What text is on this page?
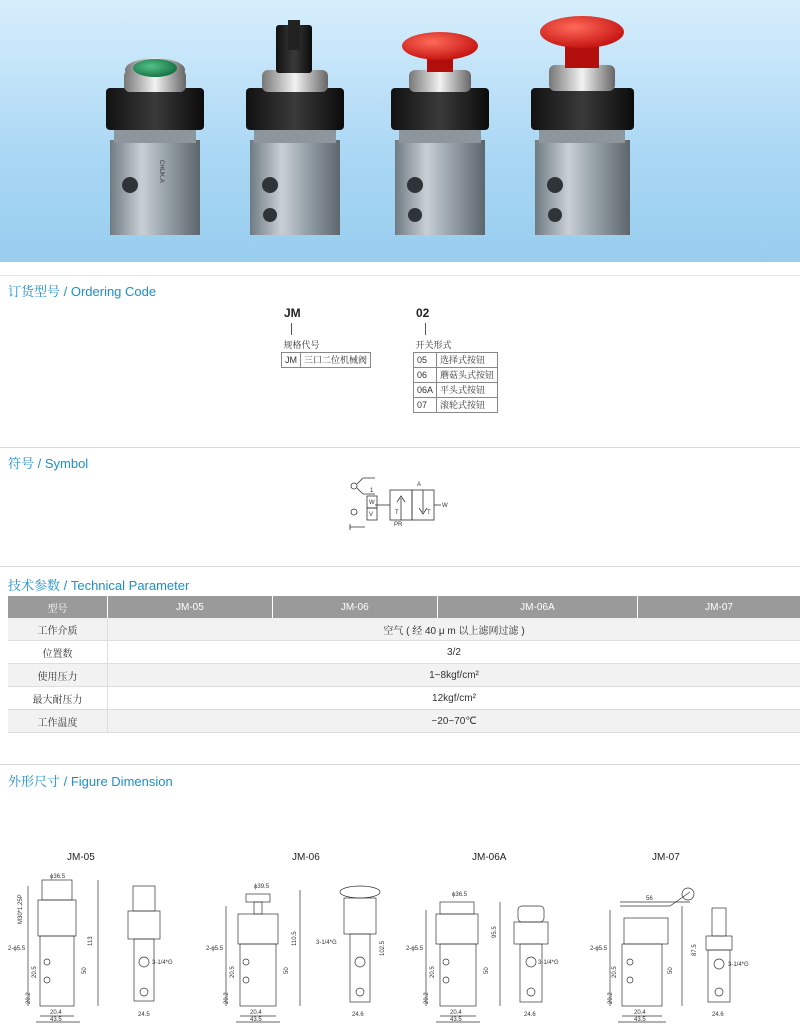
CHUK.A
订货型号 / Ordering Code
JM	02
规格代号
JM	三口二位机械阀
开关形式	
05	选择式按钮
06	蘑菇头式按钮
06A	平头式按钮
07	滚轮式按钮
符号 / Symbol
A
W
T	T
PR
1
W
V
技术参数 / Technical Parameter
型号	JM-05	JM-06	JM-06A	JM-07
工作介质	空气 ( 经 40 μ m 以上滤网过滤 )			
位置数	3/2			
使用压力	1~8kgf/cm²			
最大耐压力	12kgf/cm²			
工作温度	−20~70℃			
外形尺寸 / Figure Dimension
JM-05	JM-06	JM-06A	JM-07
ϕ36.5
M30*1.25P
113
2-ϕ5.5
20.5	50
20.2
20.4
43.5
3-1/4*G
24.5
ϕ39.5
110.5
2-ϕ5.5
20.5	50
20.2
20.4
43.5
3-1/4*G	102.5
24.6
ϕ36.5
95.5
2-ϕ5.5
20.5	50
20.2
20.4
43.5
3-1/4*G
24.6
56
87.5
2-ϕ5.5
20.5	50
20.2
20.4
43.5
3-1/4*G
24.6
